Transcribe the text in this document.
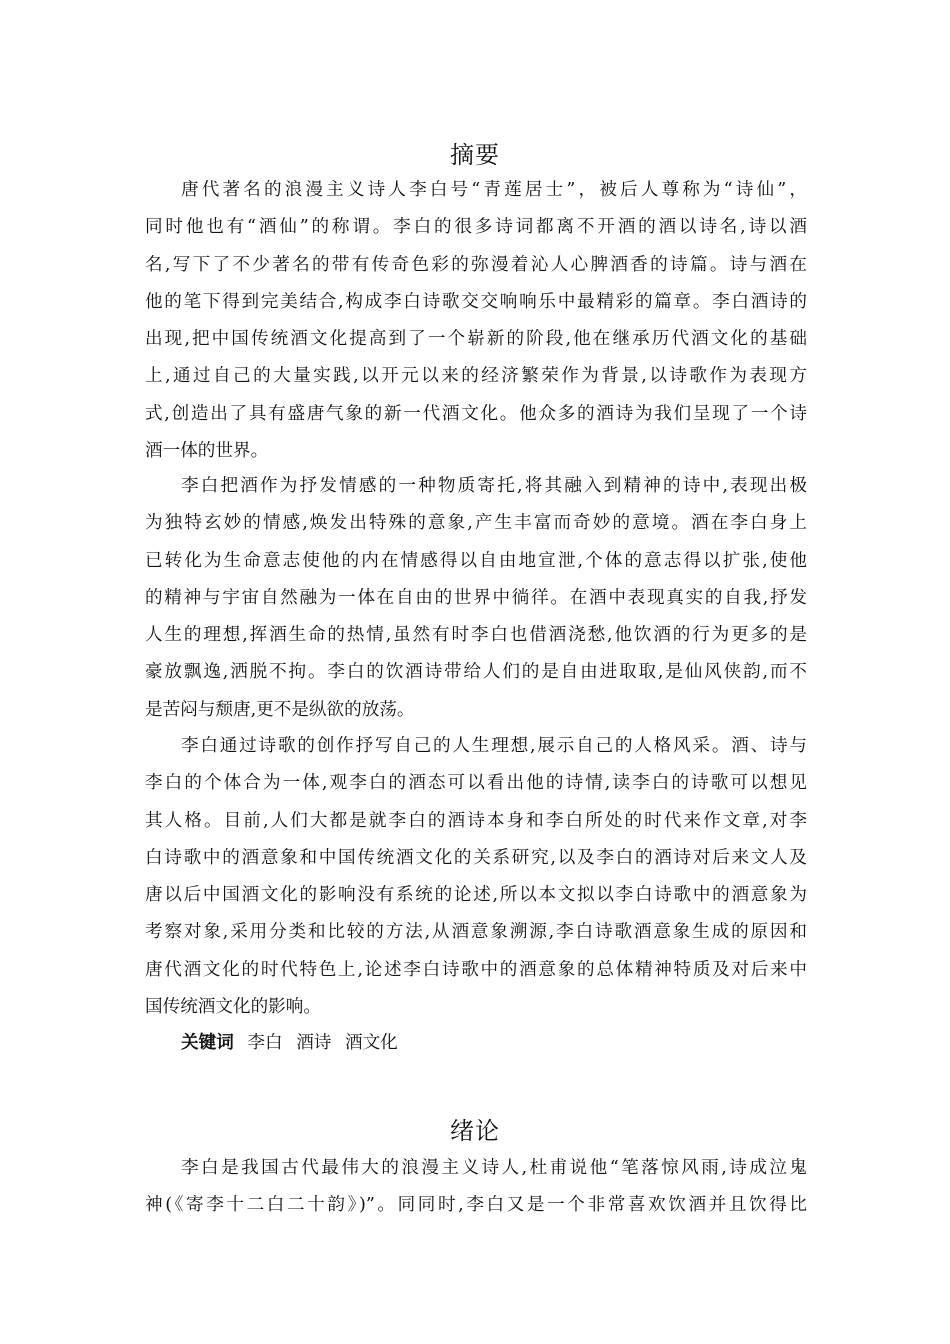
摘要
唐代著名的浪漫主义诗人李白号“青莲居士”，被后人尊称为“诗仙”，
同时他也有“酒仙”的称谓。李白的很多诗词都离不开酒的酒以诗名,诗以酒
名,写下了不少著名的带有传奇色彩的弥漫着沁人心脾酒香的诗篇。诗与酒在
他的笔下得到完美结合,构成李白诗歌交交响响乐中最精彩的篇章。李白酒诗的
出现,把中国传统酒文化提高到了一个崭新的阶段,他在继承历代酒文化的基础
上,通过自己的大量实践,以开元以来的经济繁荣作为背景,以诗歌作为表现方
式,创造出了具有盛唐气象的新一代酒文化。他众多的酒诗为我们呈现了一个诗
酒一体的世界。
李白把酒作为抒发情感的一种物质寄托,将其融入到精神的诗中,表现出极
为独特玄妙的情感,焕发出特殊的意象,产生丰富而奇妙的意境。酒在李白身上
已转化为生命意志使他的内在情感得以自由地宣泄,个体的意志得以扩张,使他
的精神与宇宙自然融为一体在自由的世界中徜徉。在酒中表现真实的自我,抒发
人生的理想,挥酒生命的热情,虽然有时李白也借酒浇愁,他饮酒的行为更多的是
豪放飘逸,洒脱不拘。李白的饮酒诗带给人们的是自由进取取,是仙风侠韵,而不
是苦闷与颓唐,更不是纵欲的放荡。
李白通过诗歌的创作抒写自己的人生理想,展示自己的人格风采。酒、诗与
李白的个体合为一体,观李白的酒态可以看出他的诗情,读李白的诗歌可以想见
其人格。目前,人们大都是就李白的酒诗本身和李白所处的时代来作文章,对李
白诗歌中的酒意象和中国传统酒文化的关系研究,以及李白的酒诗对后来文人及
唐以后中国酒文化的影响没有系统的论述,所以本文拟以李白诗歌中的酒意象为
考察对象,采用分类和比较的方法,从酒意象溯源,李白诗歌酒意象生成的原因和
唐代酒文化的时代特色上,论述李白诗歌中的酒意象的总体精神特质及对后来中
国传统酒文化的影响。
关键词 李白 酒诗 酒文化
绪论
李白是我国古代最伟大的浪漫主义诗人,杜甫说他“笔落惊风雨,诗成泣鬼
神(《寄李十二白二十韵》)”。同同时,李白又是一个非常喜欢饮酒并且饮得比
